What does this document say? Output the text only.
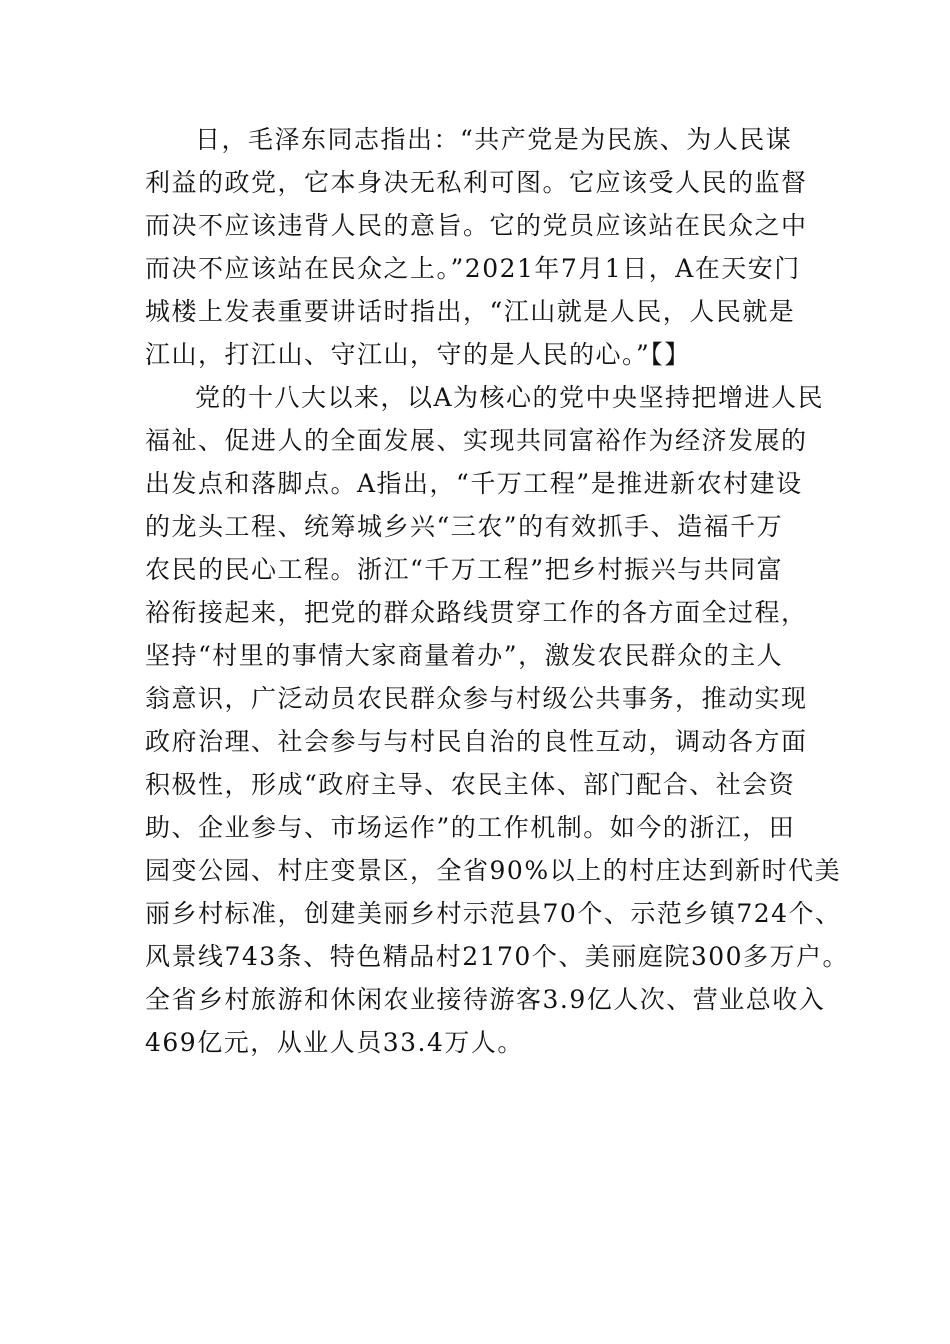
日，毛泽东同志指出：“共产党是为民族、为人民谋
利益的政党，它本身决无私利可图。它应该受人民的监督
而决不应该违背人民的意旨。它的党员应该站在民众之中
而决不应该站在民众之上。”2021年7月1日，A在天安门
城楼上发表重要讲话时指出，“江山就是人民，人民就是
江山，打江山、守江山，守的是人民的心。”【】
党的十八大以来，以A为核心的党中央坚持把增进人民
福祉、促进人的全面发展、实现共同富裕作为经济发展的
出发点和落脚点。A指出，“千万工程”是推进新农村建设
的龙头工程、统筹城乡兴“三农”的有效抓手、造福千万
农民的民心工程。浙江“千万工程”把乡村振兴与共同富
裕衔接起来，把党的群众路线贯穿工作的各方面全过程，
坚持“村里的事情大家商量着办”，激发农民群众的主人
翁意识，广泛动员农民群众参与村级公共事务，推动实现
政府治理、社会参与与村民自治的良性互动，调动各方面
积极性，形成“政府主导、农民主体、部门配合、社会资
助、企业参与、市场运作”的工作机制。如今的浙江，田
园变公园、村庄变景区，全省90%以上的村庄达到新时代美
丽乡村标准，创建美丽乡村示范县70个、示范乡镇724个、
风景线743条、特色精品村2170个、美丽庭院300多万户。
全省乡村旅游和休闲农业接待游客3.9亿人次、营业总收入
469亿元，从业人员33.4万人。
